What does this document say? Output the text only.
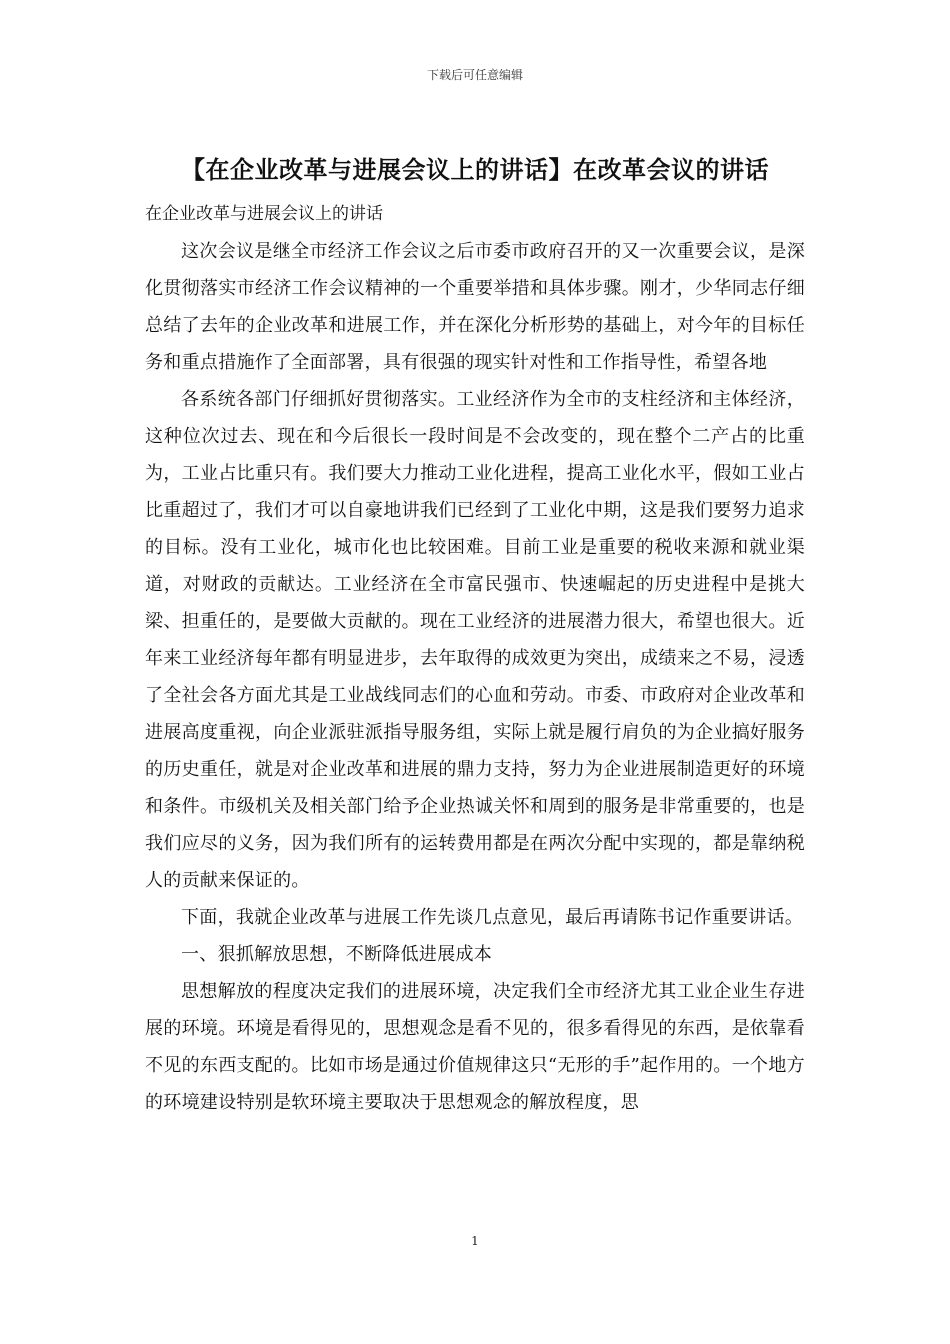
下载后可任意编辑
【在企业改革与进展会议上的讲话】在改革会议的讲话

在企业改革与进展会议上的讲话

这次会议是继全市经济工作会议之后市委市政府召开的又一次重要会议，是深化贯彻落实市经济工作会议精神的一个重要举措和具体步骤。刚才，少华同志仔细总结了去年的企业改革和进展工作，并在深化分析形势的基础上，对今年的目标任务和重点措施作了全面部署，具有很强的现实针对性和工作指导性，希望各地

各系统各部门仔细抓好贯彻落实。工业经济作为全市的支柱经济和主体经济，这种位次过去、现在和今后很长一段时间是不会改变的，现在整个二产占的比重为，工业占比重只有。我们要大力推动工业化进程，提高工业化水平，假如工业占比重超过了，我们才可以自豪地讲我们已经到了工业化中期，这是我们要努力追求的目标。没有工业化，城市化也比较困难。目前工业是重要的税收来源和就业渠道，对财政的贡献达。工业经济在全市富民强市、快速崛起的历史进程中是挑大梁、担重任的，是要做大贡献的。现在工业经济的进展潜力很大，希望也很大。近年来工业经济每年都有明显进步，去年取得的成效更为突出，成绩来之不易，浸透了全社会各方面尤其是工业战线同志们的心血和劳动。市委、市政府对企业改革和进展高度重视，向企业派驻派指导服务组，实际上就是履行肩负的为企业搞好服务的历史重任，就是对企业改革和进展的鼎力支持，努力为企业进展制造更好的环境和条件。市级机关及相关部门给予企业热诚关怀和周到的服务是非常重要的，也是我们应尽的义务，因为我们所有的运转费用都是在两次分配中实现的，都是靠纳税人的贡献来保证的。

下面，我就企业改革与进展工作先谈几点意见，最后再请陈书记作重要讲话。

一、狠抓解放思想，不断降低进展成本

思想解放的程度决定我们的进展环境，决定我们全市经济尤其工业企业生存进展的环境。环境是看得见的，思想观念是看不见的，很多看得见的东西，是依靠看不见的东西支配的。比如市场是通过价值规律这只“无形的手”起作用的。一个地方的环境建设特别是软环境主要取决于思想观念的解放程度，思

1
